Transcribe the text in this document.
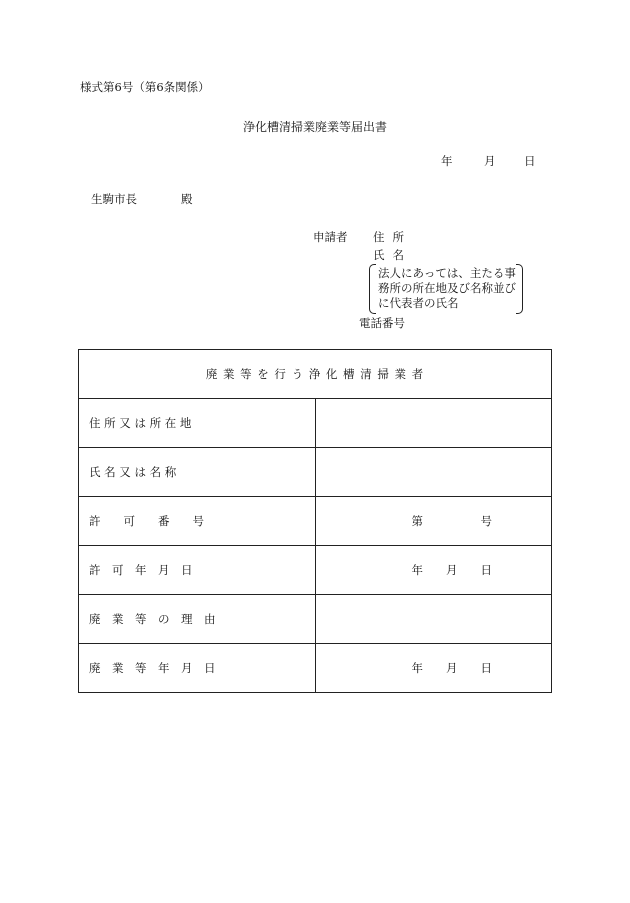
様式第6号（第6条関係）
浄化槽清掃業廃業等届出書
年	月 日
生駒市長	殿
申請者 住所
氏名
法人にあっては、主たる事
務所の所在地及び名称並び
に代表者の氏名
電話番号
廃 業 等 を 行 う 浄 化 槽 清 掃 業 者	

住 所 又 は 所 在 地	

氏 名 又 は 名 称	

許　　可　　番　　号	第　　　　　号

許　可　年　月　日	年　　月　　日

廃　業　等　の　理　由	

廃　業　等　年　月　日	年　　月　　日
